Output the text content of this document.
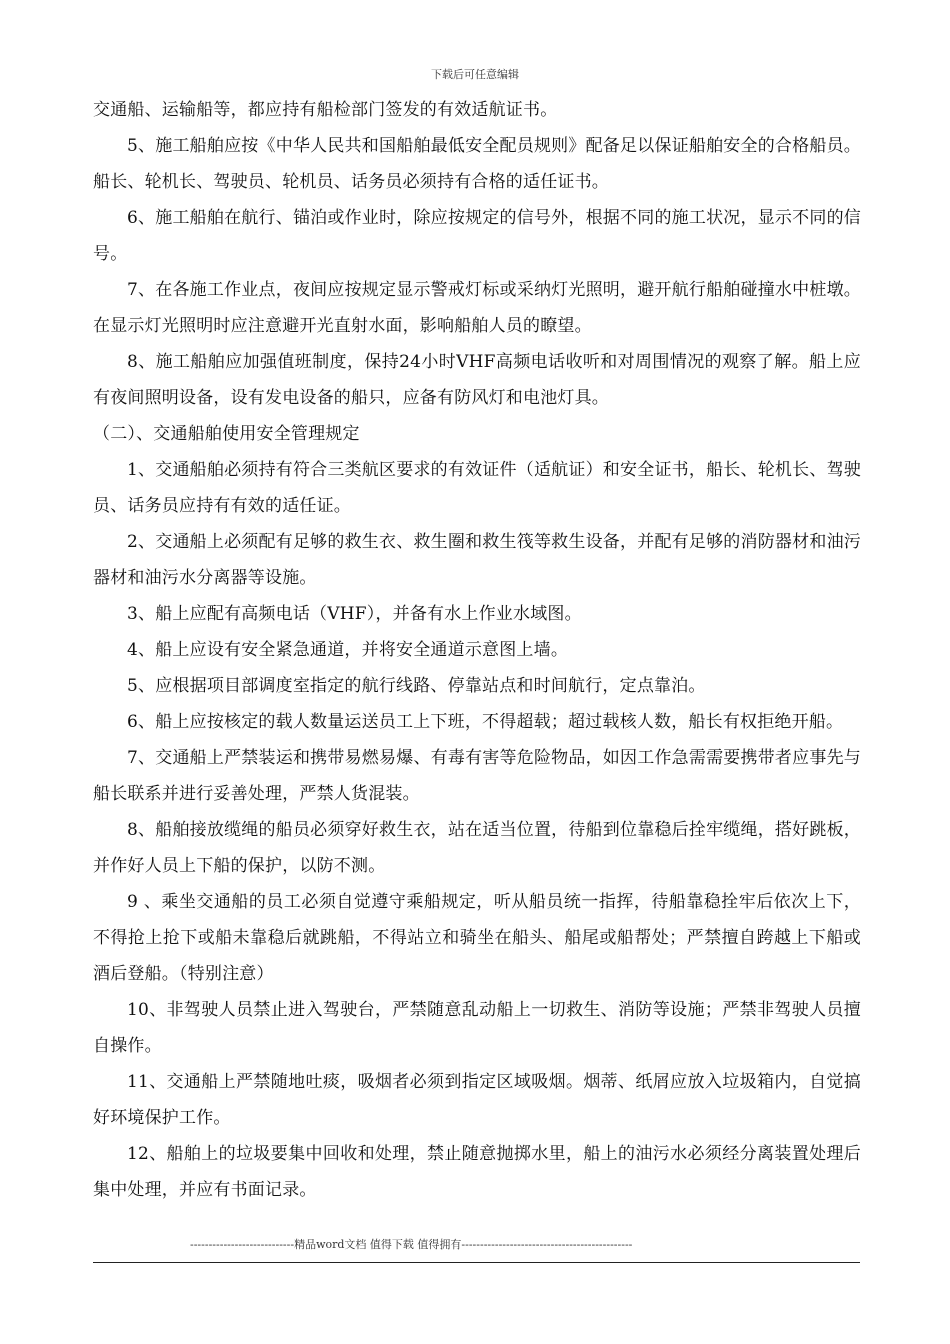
下载后可任意编辑

交通船、运输船等，都应持有船检部门签发的有效适航证书。

5、施工船舶应按《中华人民共和国船舶最低安全配员规则》配备足以保证船舶安全的合格船员。船长、轮机长、驾驶员、轮机员、话务员必须持有合格的适任证书。

6、施工船舶在航行、锚泊或作业时，除应按规定的信号外，根据不同的施工状况，显示不同的信号。

7、在各施工作业点，夜间应按规定显示警戒灯标或采纳灯光照明，避开航行船舶碰撞水中桩墩。在显示灯光照明时应注意避开光直射水面，影响船舶人员的瞭望。

8、施工船舶应加强值班制度，保持24小时VHF高频电话收听和对周围情况的观察了解。船上应有夜间照明设备，设有发电设备的船只，应备有防风灯和电池灯具。

（二）、交通船舶使用安全管理规定

1、交通船舶必须持有符合三类航区要求的有效证件（适航证）和安全证书，船长、轮机长、驾驶员、话务员应持有有效的适任证。

2、交通船上必须配有足够的救生衣、救生圈和救生筏等救生设备，并配有足够的消防器材和油污器材和油污水分离器等设施。

3、船上应配有高频电话（VHF），并备有水上作业水域图。

4、船上应设有安全紧急通道，并将安全通道示意图上墙。

5、应根据项目部调度室指定的航行线路、停靠站点和时间航行，定点靠泊。

6、船上应按核定的载人数量运送员工上下班，不得超载；超过载核人数，船长有权拒绝开船。

7、交通船上严禁装运和携带易燃易爆、有毒有害等危险物品，如因工作急需需要携带者应事先与船长联系并进行妥善处理，严禁人货混装。

8、船舶接放缆绳的船员必须穿好救生衣，站在适当位置，待船到位靠稳后拴牢缆绳，搭好跳板，并作好人员上下船的保护，以防不测。

9 、乘坐交通船的员工必须自觉遵守乘船规定，听从船员统一指挥，待船靠稳拴牢后依次上下，不得抢上抢下或船未靠稳后就跳船，不得站立和骑坐在船头、船尾或船帮处；严禁擅自跨越上下船或酒后登船。（特别注意）

10、非驾驶人员禁止进入驾驶台，严禁随意乱动船上一切救生、消防等设施；严禁非驾驶人员擅自操作。

11、交通船上严禁随地吐痰，吸烟者必须到指定区域吸烟。烟蒂、纸屑应放入垃圾箱内，自觉搞好环境保护工作。

12、船舶上的垃圾要集中回收和处理，禁止随意抛掷水里，船上的油污水必须经分离装置处理后集中处理，并应有书面记录。

----------------------------精品word文档 值得下载 值得拥有----------------------------------------------
